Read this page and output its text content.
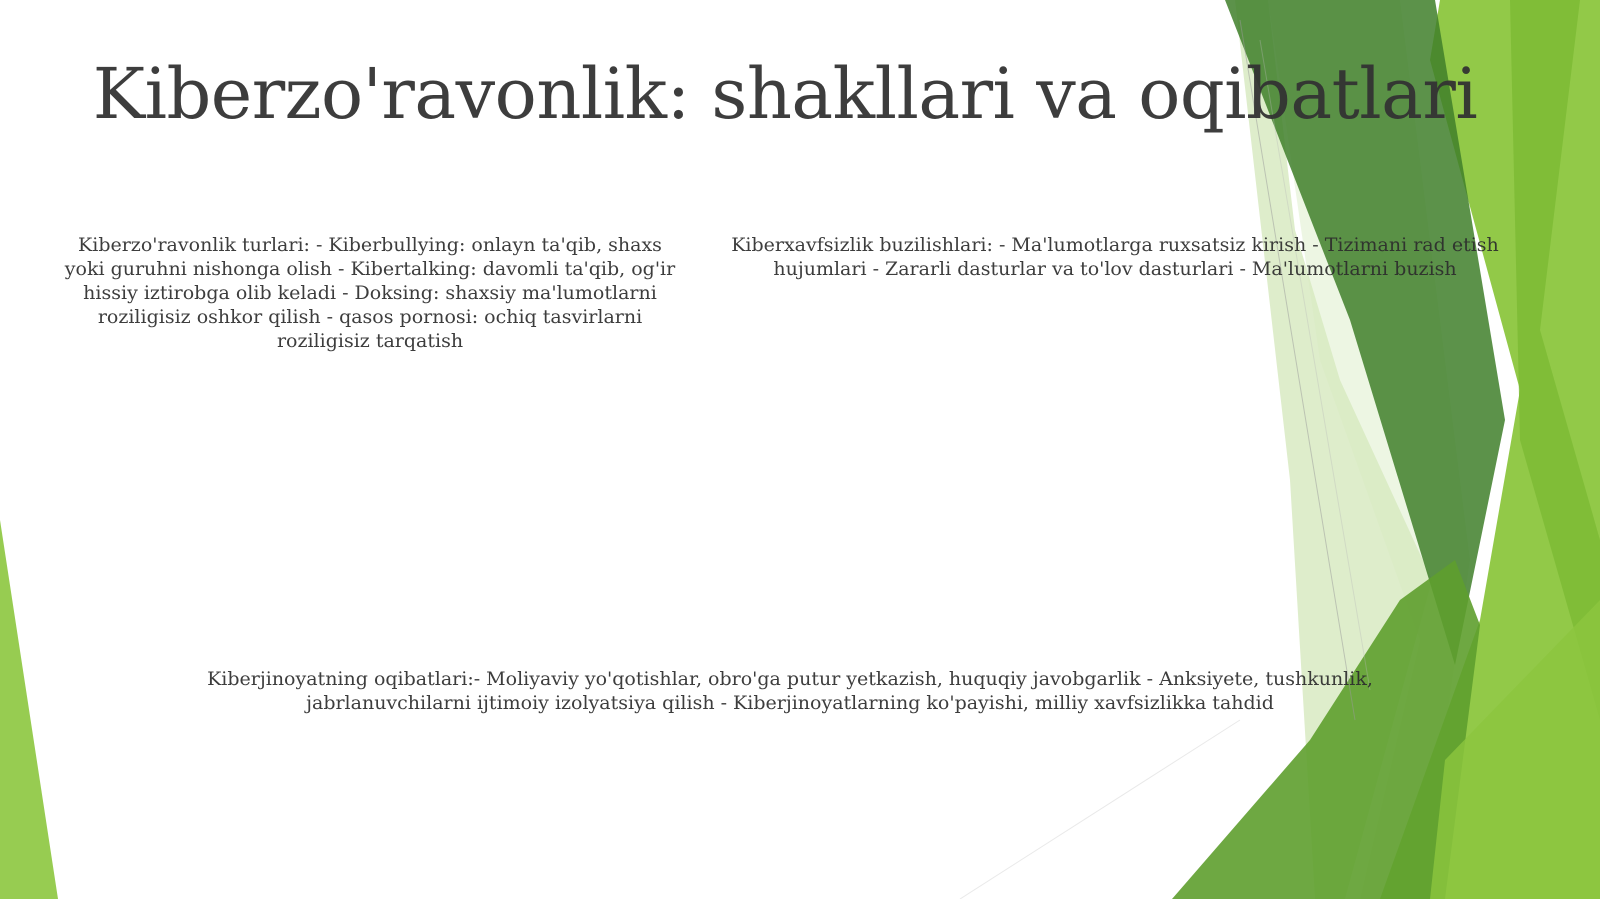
Kiberzo'ravonlik: shakllari va oqibatlari

Kiberzo'ravonlik turlari: - Kiberbullying: onlayn ta'qib, shaxs yoki guruhni nishonga olish - Kibertalking: davomli ta'qib, og'ir hissiy iztirobga olib keladi - Doksing: shaxsiy ma'lumotlarni roziligisiz oshkor qilish - qasos pornosi: ochiq tasvirlarni roziligisiz tarqatish

Kiberxavfsizlik buzilishlari: - Ma'lumotlarga ruxsatsiz kirish - Tizimani rad etish hujumlari - Zararli dasturlar va to'lov dasturlari - Ma'lumotlarni buzish

Kiberjinoyatning oqibatlari:- Moliyaviy yo'qotishlar, obro'ga putur yetkazish, huquqiy javobgarlik - Anksiyete, tushkunlik, jabrlanuvchilarni ijtimoiy izolyatsiya qilish - Kiberjinoyatlarning ko'payishi, milliy xavfsizlikka tahdid
